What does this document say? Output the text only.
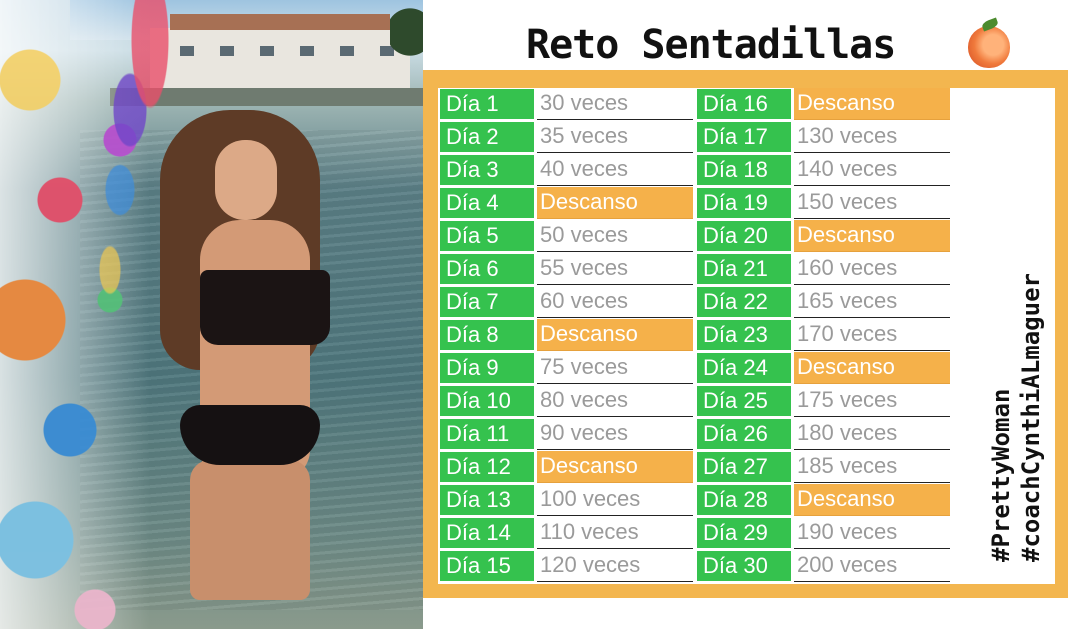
Reto Sentadillas
Día 1	30 veces
Día 2	35 veces
Día 3	40 veces
Día 4	Descanso
Día 5	50 veces
Día 6	55 veces
Día 7	60 veces
Día 8	Descanso
Día 9	75 veces
Día 10	80 veces
Día 11	90 veces
Día 12	Descanso
Día 13	100 veces
Día 14	110 veces
Día 15	120 veces
Día 16	Descanso
Día 17	130 veces
Día 18	140 veces
Día 19	150 veces
Día 20	Descanso
Día 21	160 veces
Día 22	165 veces
Día 23	170 veces
Día 24	Descanso
Día 25	175 veces
Día 26	180 veces
Día 27	185 veces
Día 28	Descanso
Día 29	190 veces
Día 30	200 veces
#PrettyWoman #coachCynthiALmaguer
